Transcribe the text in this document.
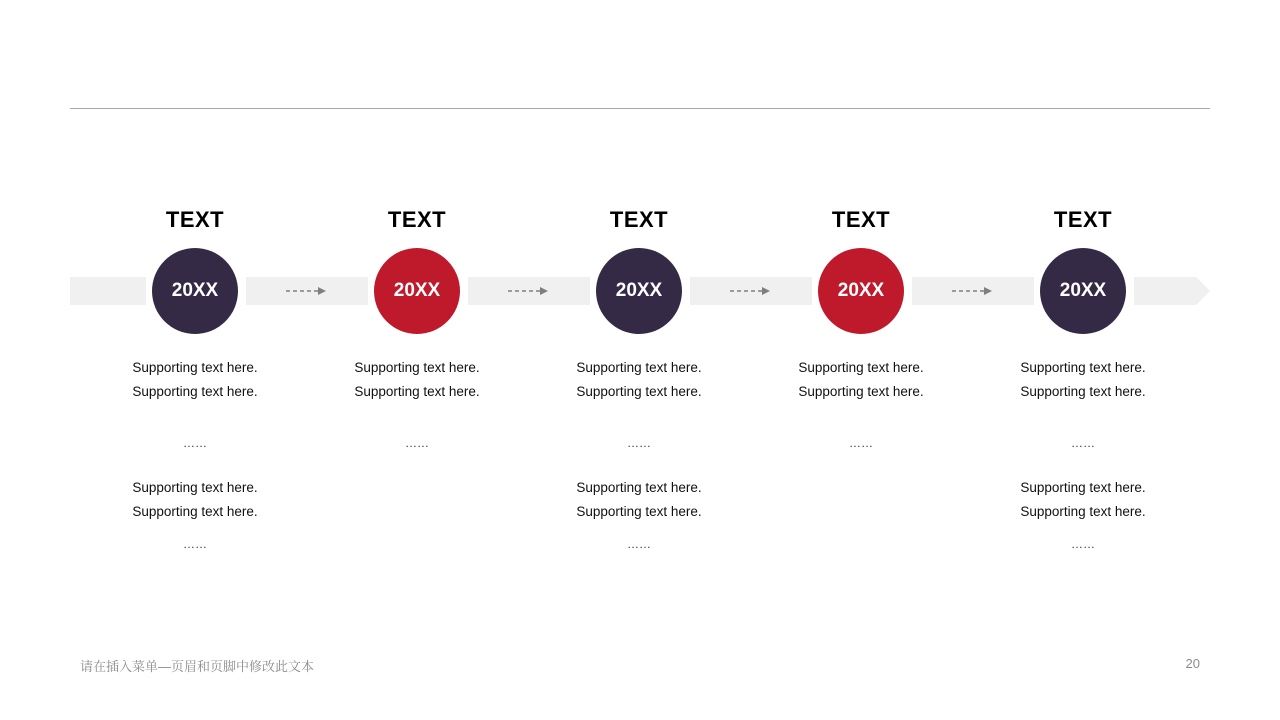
TEXT
20XX
Supporting text here.
Supporting text here.
……
Supporting text here.
Supporting text here.
……
TEXT
20XX
Supporting text here.
Supporting text here.
……
TEXT
20XX
Supporting text here.
Supporting text here.
……
Supporting text here.
Supporting text here.
……
TEXT
20XX
Supporting text here.
Supporting text here.
……
TEXT
20XX
Supporting text here.
Supporting text here.
……
Supporting text here.
Supporting text here.
……
请在插入菜单—页眉和页脚中修改此文本	20
